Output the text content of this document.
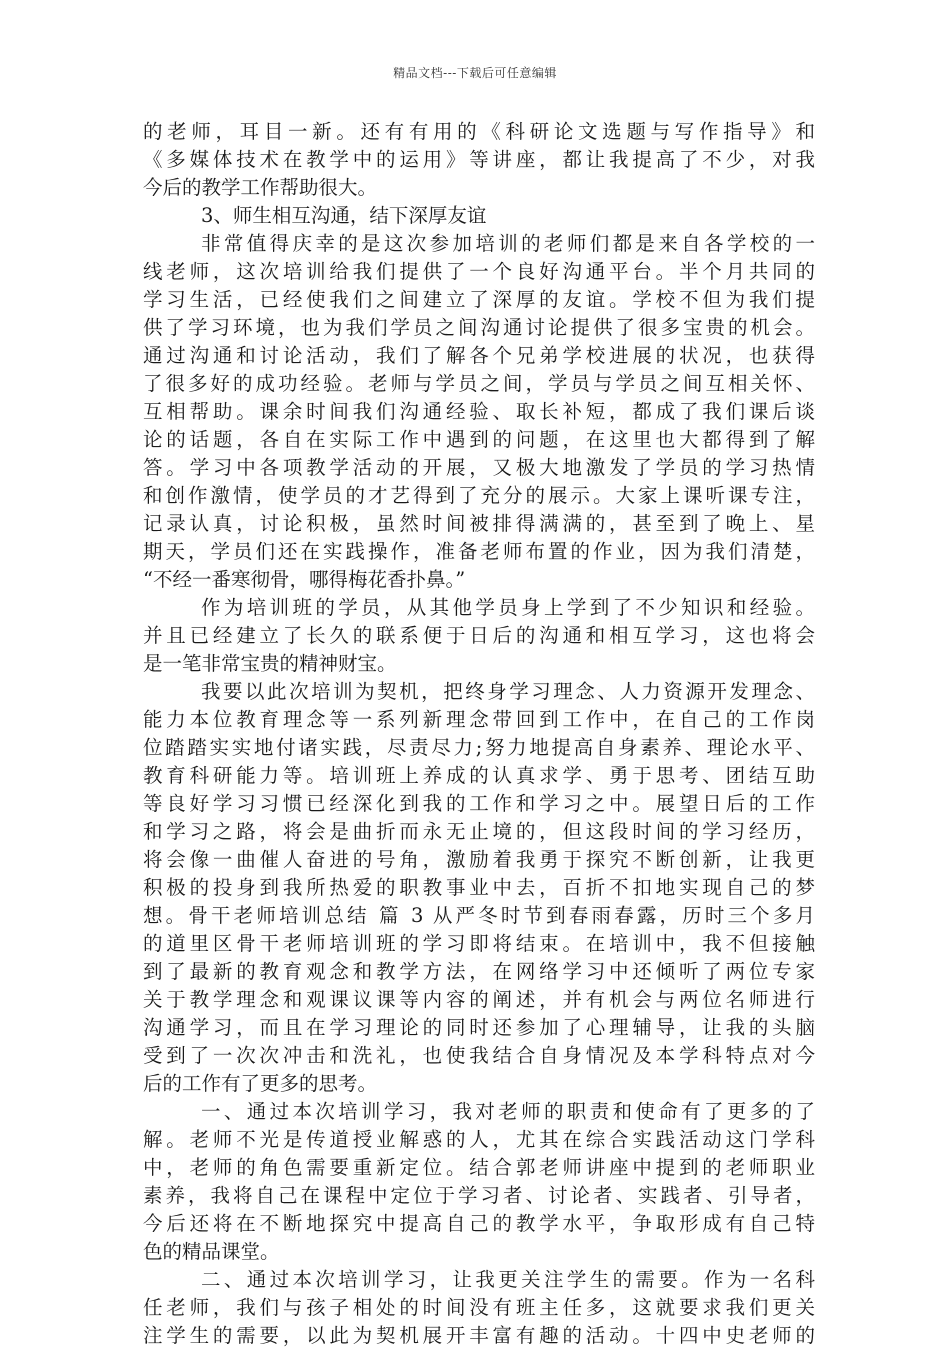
精品文档---下载后可任意编辑
的老师，耳目一新。还有有用的《科研论文选题与写作指导》和
《多媒体技术在教学中的运用》等讲座，都让我提高了不少，对我
今后的教学工作帮助很大。
3、师生相互沟通，结下深厚友谊
非常值得庆幸的是这次参加培训的老师们都是来自各学校的一
线老师，这次培训给我们提供了一个良好沟通平台。半个月共同的
学习生活，已经使我们之间建立了深厚的友谊。学校不但为我们提
供了学习环境，也为我们学员之间沟通讨论提供了很多宝贵的机会。
通过沟通和讨论活动，我们了解各个兄弟学校进展的状况，也获得
了很多好的成功经验。老师与学员之间，学员与学员之间互相关怀、
互相帮助。课余时间我们沟通经验、取长补短，都成了我们课后谈
论的话题，各自在实际工作中遇到的问题，在这里也大都得到了解
答。学习中各项教学活动的开展，又极大地激发了学员的学习热情
和创作激情，使学员的才艺得到了充分的展示。大家上课听课专注，
记录认真，讨论积极，虽然时间被排得满满的，甚至到了晚上、星
期天，学员们还在实践操作，准备老师布置的作业，因为我们清楚，
“不经一番寒彻骨，哪得梅花香扑鼻。”
作为培训班的学员，从其他学员身上学到了不少知识和经验。
并且已经建立了长久的联系便于日后的沟通和相互学习，这也将会
是一笔非常宝贵的精神财宝。
我要以此次培训为契机，把终身学习理念、人力资源开发理念、
能力本位教育理念等一系列新理念带回到工作中，在自己的工作岗
位踏踏实实地付诸实践，尽责尽力;努力地提高自身素养、理论水平、
教育科研能力等。培训班上养成的认真求学、勇于思考、团结互助
等良好学习习惯已经深化到我的工作和学习之中。展望日后的工作
和学习之路，将会是曲折而永无止境的，但这段时间的学习经历，
将会像一曲催人奋进的号角，激励着我勇于探究不断创新，让我更
积极的投身到我所热爱的职教事业中去，百折不扣地实现自己的梦
想。骨干老师培训总结 篇 3 从严冬时节到春雨春露，历时三个多月
的道里区骨干老师培训班的学习即将结束。在培训中，我不但接触
到了最新的教育观念和教学方法，在网络学习中还倾听了两位专家
关于教学理念和观课议课等内容的阐述，并有机会与两位名师进行
沟通学习，而且在学习理论的同时还参加了心理辅导，让我的头脑
受到了一次次冲击和洗礼，也使我结合自身情况及本学科特点对今
后的工作有了更多的思考。
一、通过本次培训学习，我对老师的职责和使命有了更多的了
解。老师不光是传道授业解惑的人，尤其在综合实践活动这门学科
中，老师的角色需要重新定位。结合郭老师讲座中提到的老师职业
素养，我将自己在课程中定位于学习者、讨论者、实践者、引导者，
今后还将在不断地探究中提高自己的教学水平，争取形成有自己特
色的精品课堂。
二、通过本次培训学习，让我更关注学生的需要。作为一名科
任老师，我们与孩子相处的时间没有班主任多，这就要求我们更关
注学生的需要，以此为契机展开丰富有趣的活动。十四中史老师的
